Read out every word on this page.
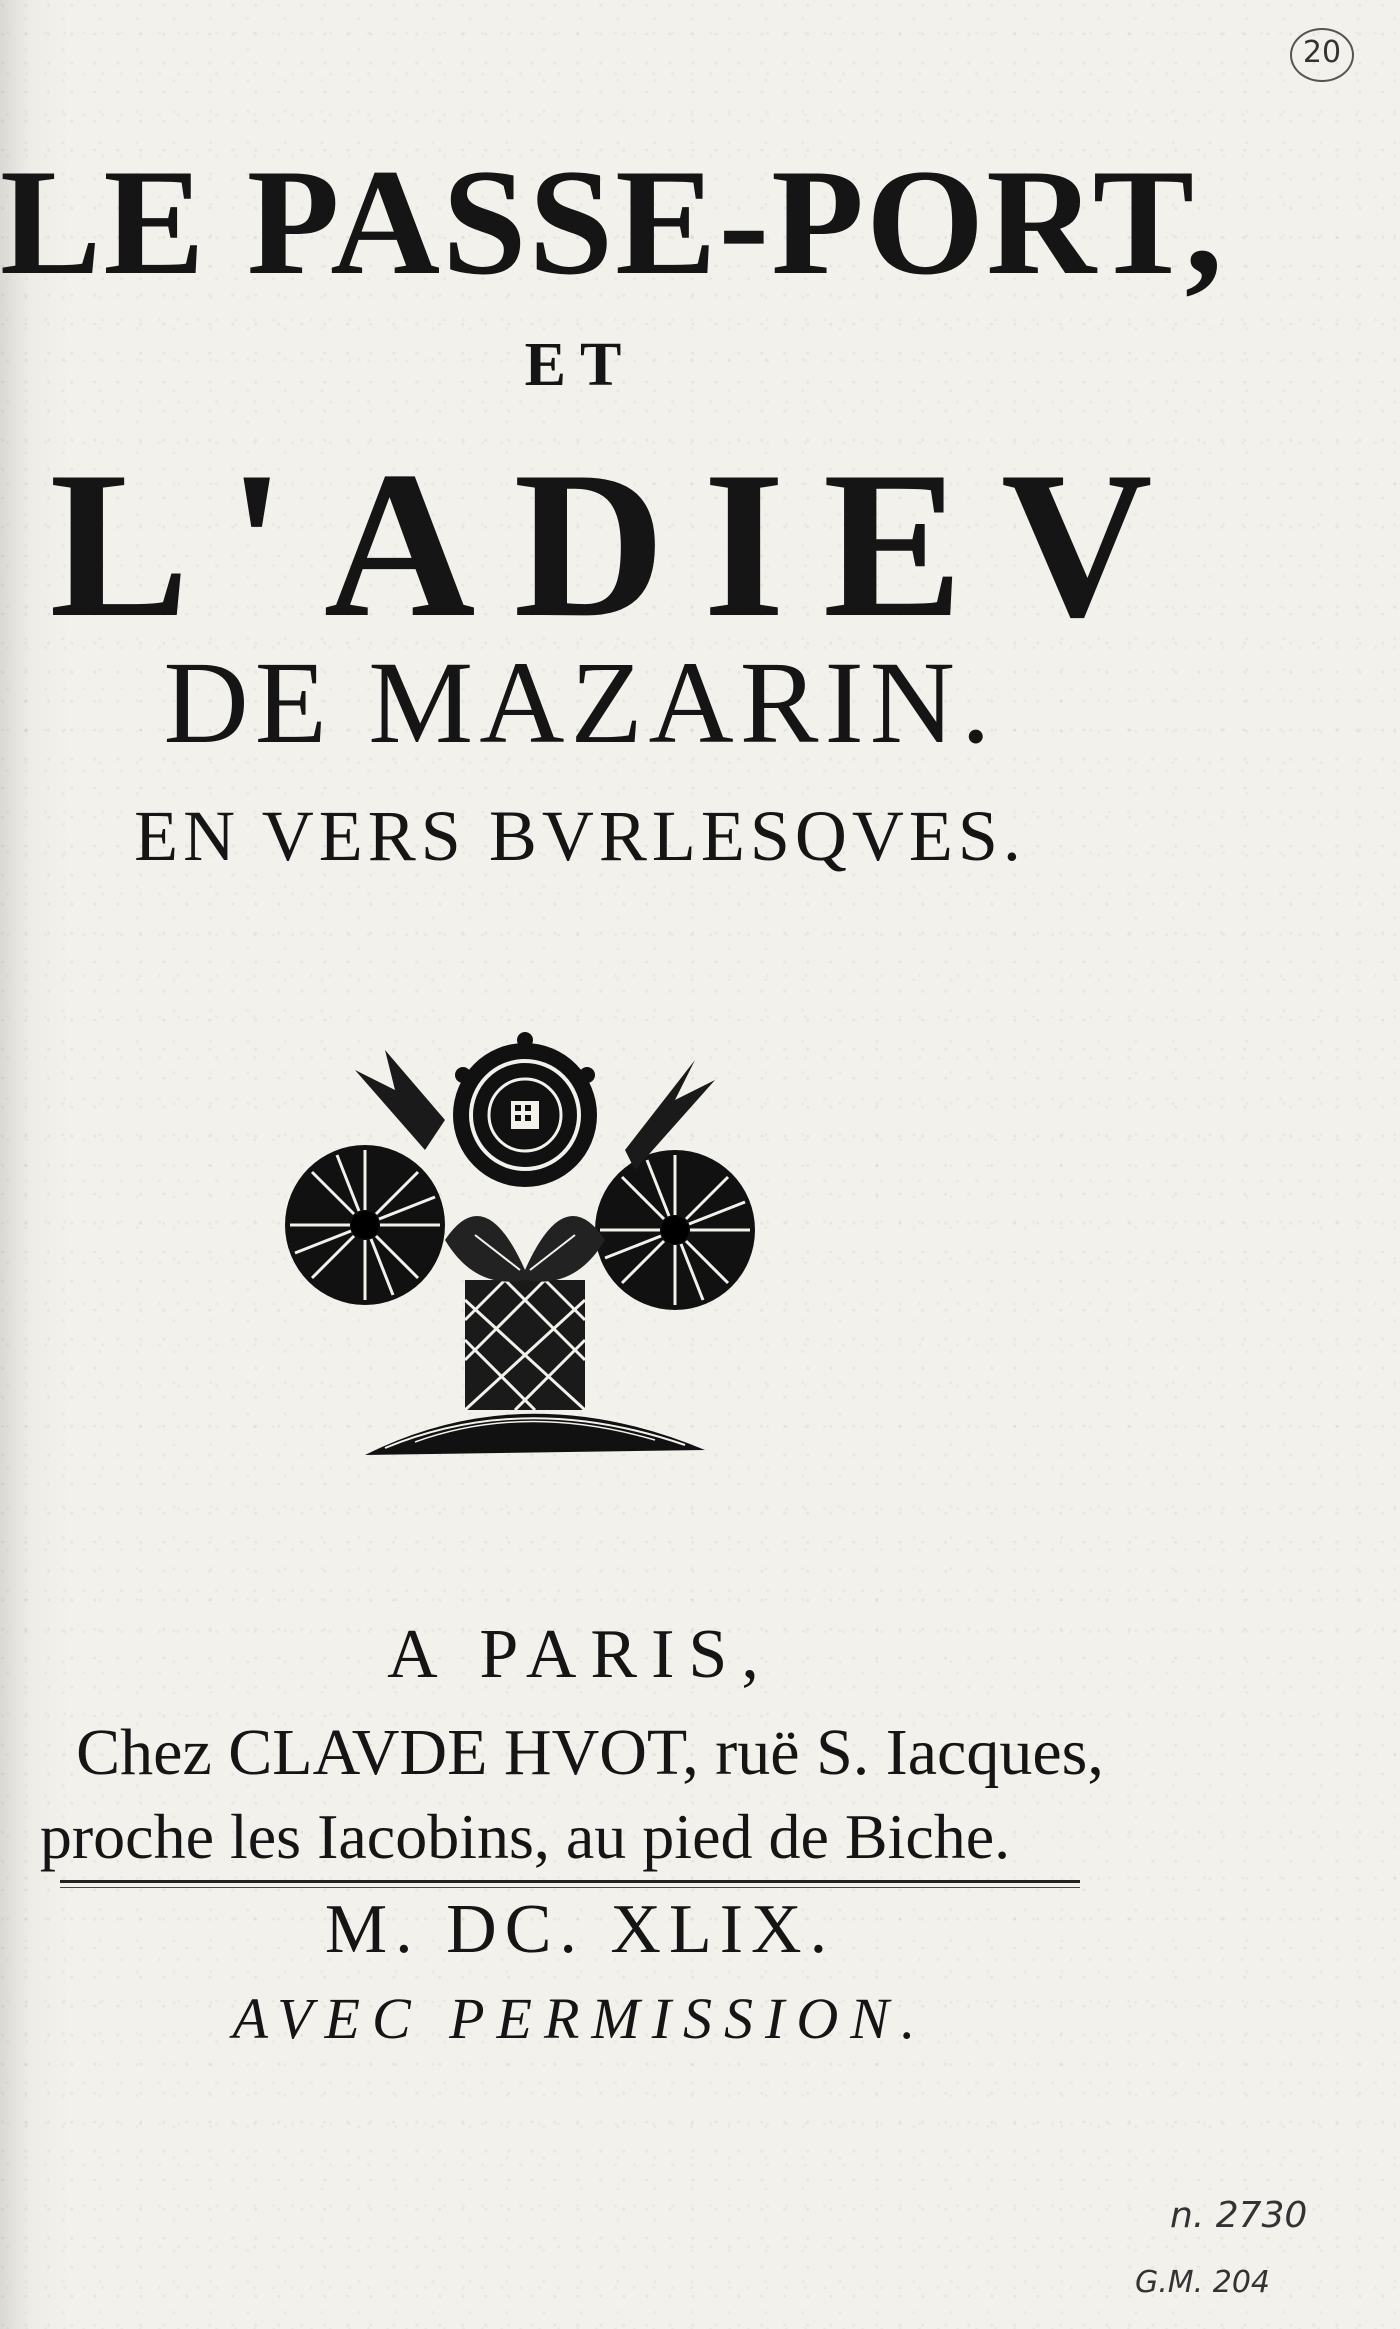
20
LE PASSE-PORT,
ET
L'ADIEV
DE MAZARIN.
EN VERS BVRLESQVES.
A PARIS,
Chez CLAVDE HVOT, ruë S. Iacques,
proche les Iacobins, au pied de Biche.
M. DC. XLIX.
AVEC PERMISSION.
n. 2730
G.M. 204
